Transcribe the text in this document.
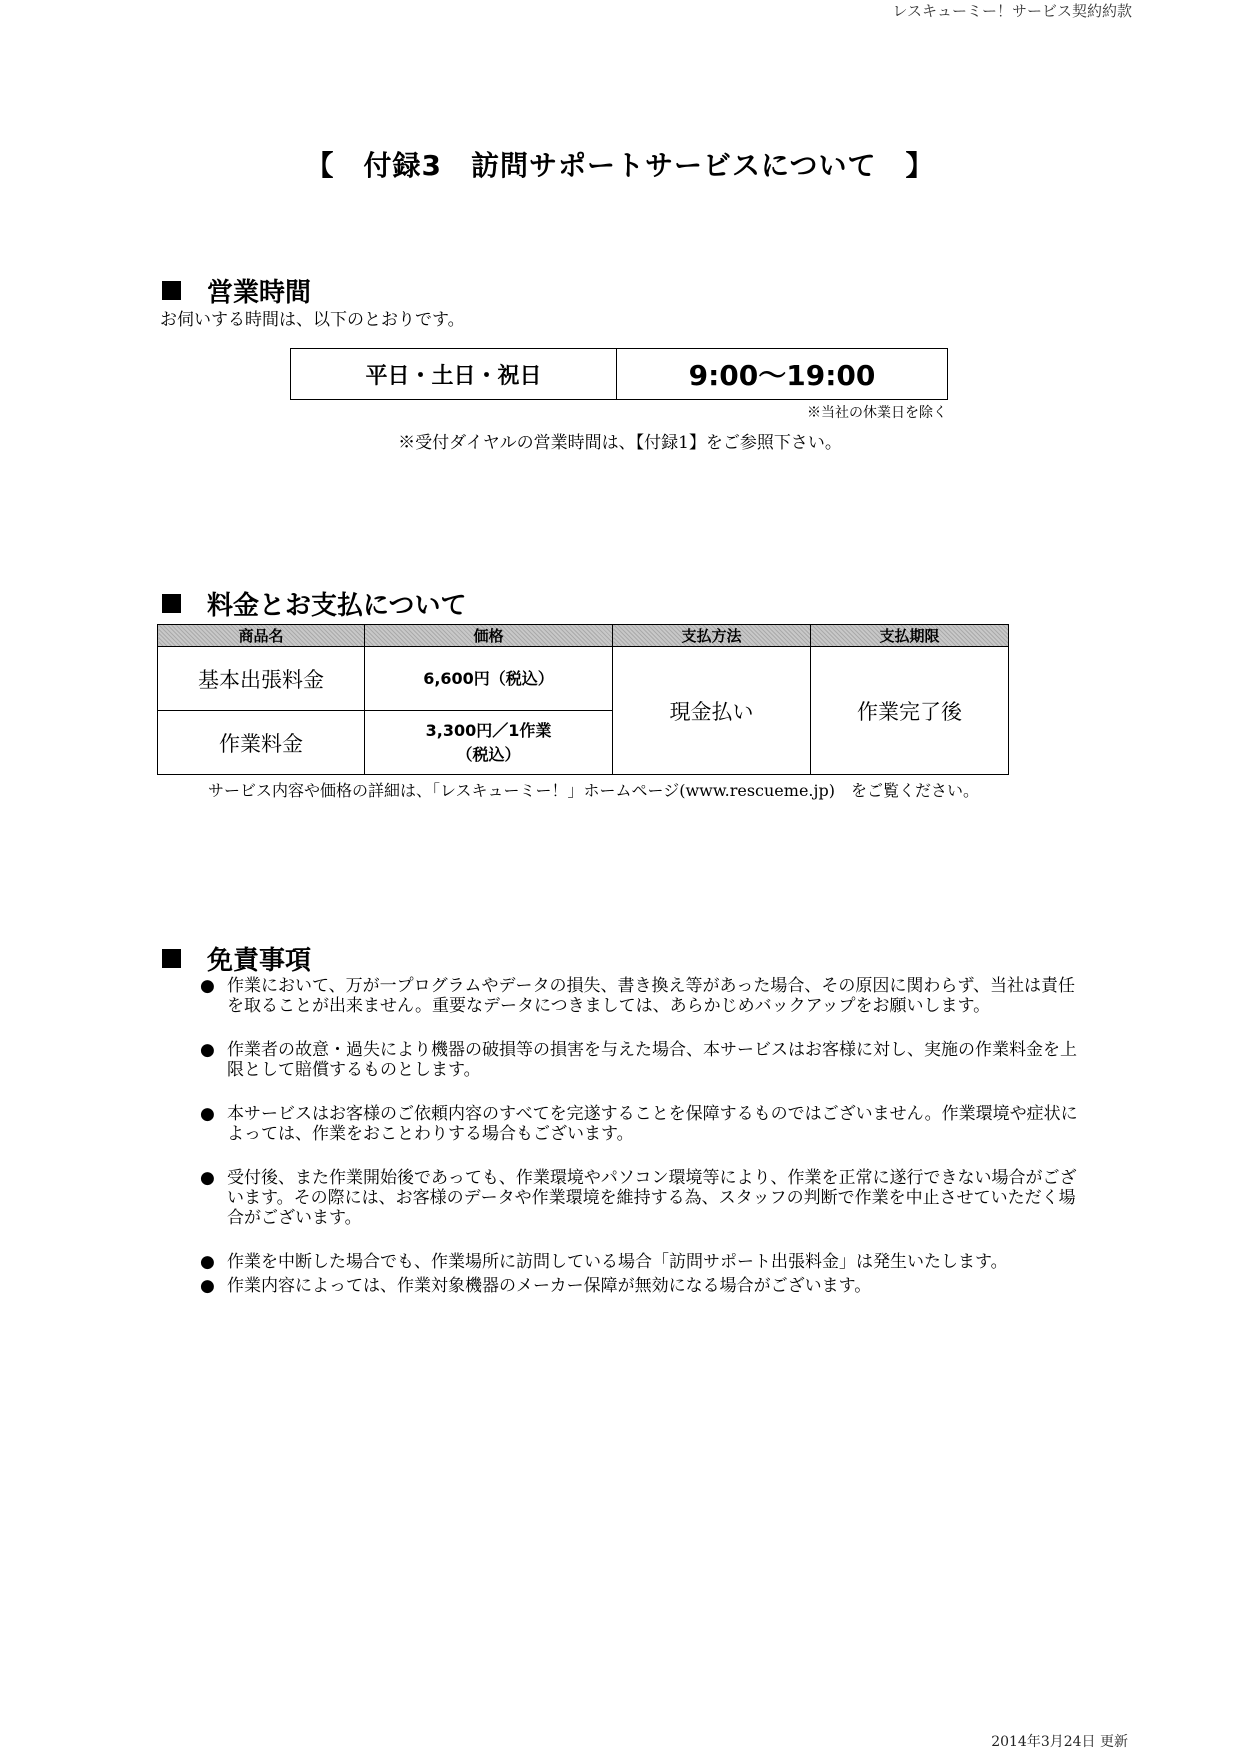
レスキューミー！サービス契約約款
【　付録3　訪問サポートサービスについて　】
営業時間
お伺いする時間は、以下のとおりです。
平日・土日・祝日	9:00〜19:00
※当社の休業日を除く
※受付ダイヤルの営業時間は、【付録1】をご参照下さい。
料金とお支払について
商品名	価格	支払方法	支払期限
基本出張料金	6,600円（税込）	現金払い	作業完了後
作業料金	3,300円／1作業
（税込）		
サービス内容や価格の詳細は、「レスキューミー！」ホームページ(www.rescueme.jp)　をご覧ください。
免責事項
● 作業において、万が一プログラムやデータの損失、書き換え等があった場合、その原因に関わらず、当社は責任を取ることが出来ません。重要なデータにつきましては、あらかじめバックアップをお願いします。
● 作業者の故意・過失により機器の破損等の損害を与えた場合、本サービスはお客様に対し、実施の作業料金を上限として賠償するものとします。
● 本サービスはお客様のご依頼内容のすべてを完遂することを保障するものではございません。作業環境や症状によっては、作業をおことわりする場合もございます。
● 受付後、また作業開始後であっても、作業環境やパソコン環境等により、作業を正常に遂行できない場合がございます。その際には、お客様のデータや作業環境を維持する為、スタッフの判断で作業を中止させていただく場合がございます。
● 作業を中断した場合でも、作業場所に訪問している場合「訪問サポート出張料金」は発生いたします。
● 作業内容によっては、作業対象機器のメーカー保障が無効になる場合がございます。
2014年3月24日 更新
